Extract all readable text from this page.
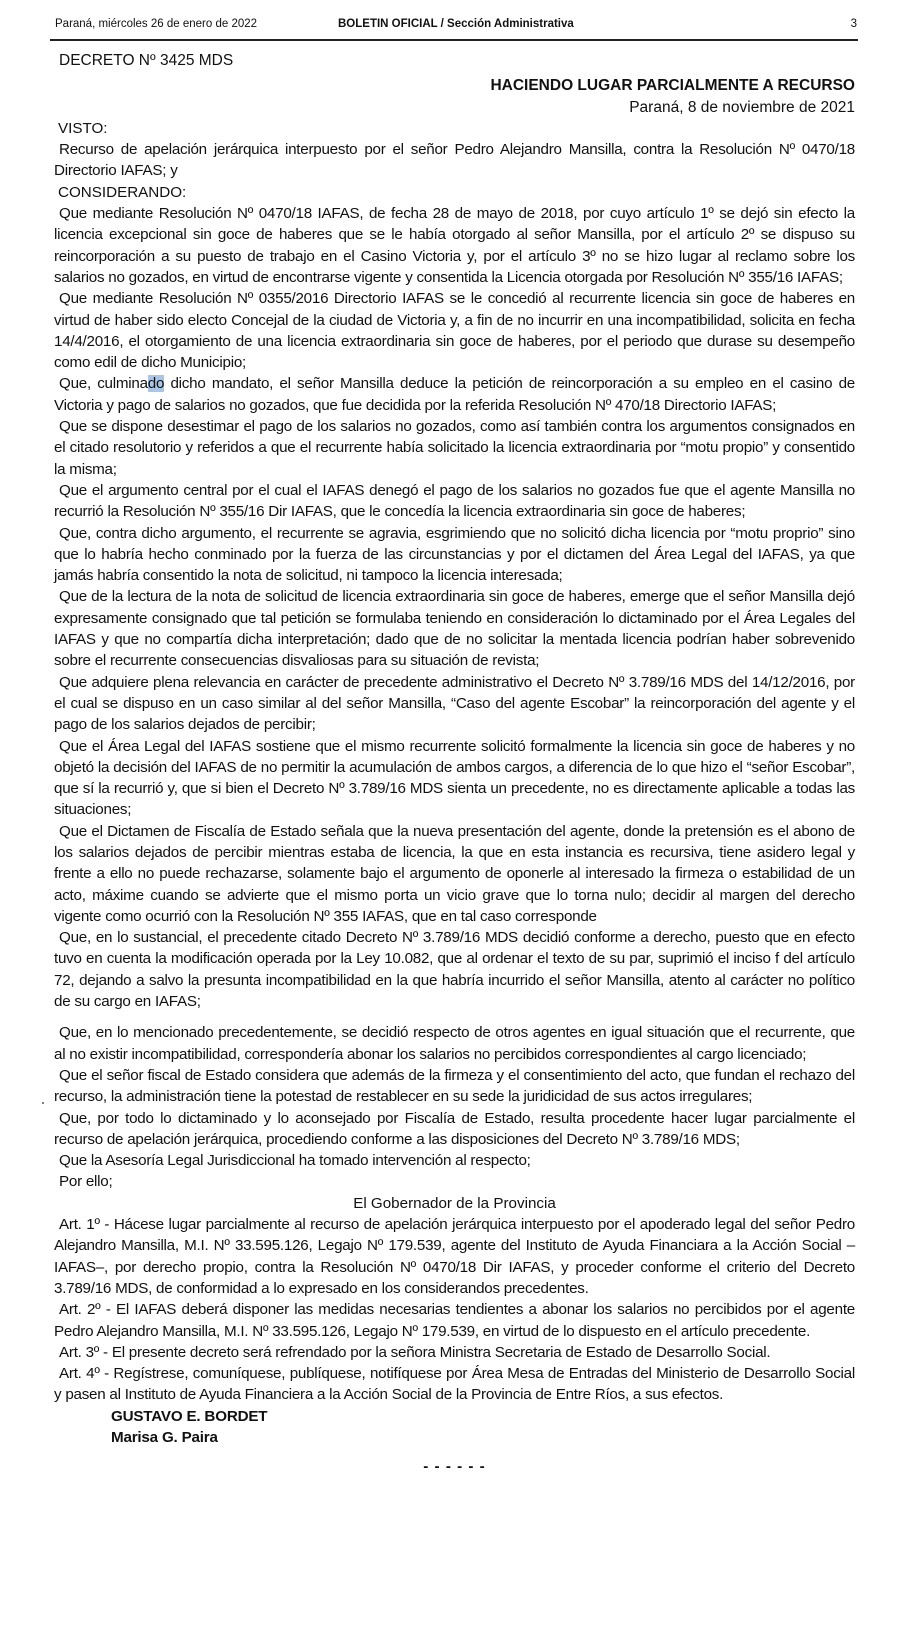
Paraná, miércoles 26 de enero de 2022	BOLETIN OFICIAL / Sección Administrativa	3
DECRETO Nº 3425 MDS
HACIENDO LUGAR PARCIALMENTE A RECURSO
Paraná, 8 de noviembre de 2021
VISTO:
Recurso de apelación jerárquica interpuesto por el señor Pedro Alejandro Mansilla, contra la Resolución Nº 0470/18 Directorio IAFAS; y
CONSIDERANDO:
Que mediante Resolución Nº 0470/18 IAFAS, de fecha 28 de mayo de 2018, por cuyo artículo 1º se dejó sin efecto la licencia excepcional sin goce de haberes que se le había otorgado al señor Mansilla, por el artículo 2º se dispuso su reincorporación a su puesto de trabajo en el Casino Victoria y, por el artículo 3º no se hizo lugar al reclamo sobre los salarios no gozados, en virtud de encontrarse vigente y consentida la Licencia otorgada por Resolución Nº 355/16 IAFAS;
Que mediante Resolución Nº 0355/2016 Directorio IAFAS se le concedió al recurrente licencia sin goce de haberes en virtud de haber sido electo Concejal de la ciudad de Victoria y, a fin de no incurrir en una incompatibilidad, solicita en fecha 14/4/2016, el otorgamiento de una licencia extraordinaria sin goce de haberes, por el periodo que durase su desempeño como edil de dicho Municipio;
Que, culminado dicho mandato, el señor Mansilla deduce la petición de reincorporación a su empleo en el casino de Victoria y pago de salarios no gozados, que fue decidida por la referida Resolución Nº 470/18 Directorio IAFAS;
Que se dispone desestimar el pago de los salarios no gozados, como así también contra los argumentos consignados en el citado resolutorio y referidos a que el recurrente había solicitado la licencia extraordinaria por “motu propio” y consentido la misma;
Que el argumento central por el cual el IAFAS denegó el pago de los salarios no gozados fue que el agente Mansilla no recurrió la Resolución Nº 355/16 Dir IAFAS, que le concedía la licencia extraordinaria sin goce de haberes;
Que, contra dicho argumento, el recurrente se agravia, esgrimiendo que no solicitó dicha licencia por “motu proprio” sino que lo habría hecho conminado por la fuerza de las circunstancias y por el dictamen del Área Legal del IAFAS, ya que jamás habría consentido la nota de solicitud, ni tampoco la licencia interesada;
Que de la lectura de la nota de solicitud de licencia extraordinaria sin goce de haberes, emerge que el señor Mansilla dejó expresamente consignado que tal petición se formulaba teniendo en consideración lo dictaminado por el Área Legales del IAFAS y que no compartía dicha interpretación; dado que de no solicitar la mentada licencia podrían haber sobrevenido sobre el recurrente consecuencias disvaliosas para su situación de revista;
Que adquiere plena relevancia en carácter de precedente administrativo el Decreto Nº 3.789/16 MDS del 14/12/2016, por el cual se dispuso en un caso similar al del señor Mansilla, “Caso del agente Escobar” la reincorporación del agente y el pago de los salarios dejados de percibir;
Que el Área Legal del IAFAS sostiene que el mismo recurrente solicitó formalmente la licencia sin goce de haberes y no objetó la decisión del IAFAS de no permitir la acumulación de ambos cargos, a diferencia de lo que hizo el “señor Escobar”, que sí la recurrió y, que si bien el Decreto Nº 3.789/16 MDS sienta un precedente, no es directamente aplicable a todas las situaciones;
Que el Dictamen de Fiscalía de Estado señala que la nueva presentación del agente, donde la pretensión es el abono de los salarios dejados de percibir mientras estaba de licencia, la que en esta instancia es recursiva, tiene asidero legal y frente a ello no puede rechazarse, solamente bajo el argumento de oponerle al interesado la firmeza o estabilidad de un acto, máxime cuando se advierte que el mismo porta un vicio grave que lo torna nulo; decidir al margen del derecho vigente como ocurrió con la Resolución Nº 355 IAFAS, que en tal caso corresponde
Que, en lo sustancial, el precedente citado Decreto Nº 3.789/16 MDS decidió conforme a derecho, puesto que en efecto tuvo en cuenta la modificación operada por la Ley 10.082, que al ordenar el texto de su par, suprimió el inciso f del artículo 72, dejando a salvo la presunta incompatibilidad en la que habría incurrido el señor Mansilla, atento al carácter no político de su cargo en IAFAS;
Que, en lo mencionado precedentemente, se decidió respecto de otros agentes en igual situación que el recurrente, que al no existir incompatibilidad, correspondería abonar los salarios no percibidos correspondientes al cargo licenciado;
Que el señor fiscal de Estado considera que además de la firmeza y el consentimiento del acto, que fundan el rechazo del recurso, la administración tiene la potestad de restablecer en su sede la juridicidad de sus actos irregulares;
Que, por todo lo dictaminado y lo aconsejado por Fiscalía de Estado, resulta procedente hacer lugar parcialmente el recurso de apelación jerárquica, procediendo conforme a las disposiciones del Decreto Nº 3.789/16 MDS;
Que la Asesoría Legal Jurisdiccional ha tomado intervención al respecto;
Por ello;
El Gobernador de la Provincia
Art. 1º - Hácese lugar parcialmente al recurso de apelación jerárquica interpuesto por el apoderado legal del señor Pedro Alejandro Mansilla, M.I. Nº 33.595.126, Legajo Nº 179.539, agente del Instituto de Ayuda Financiara a la Acción Social –IAFAS–, por derecho propio, contra la Resolución Nº 0470/18 Dir IAFAS, y proceder conforme el criterio del Decreto 3.789/16 MDS, de conformidad a lo expresado en los considerandos precedentes.
Art. 2º - El IAFAS deberá disponer las medidas necesarias tendientes a abonar los salarios no percibidos por el agente Pedro Alejandro Mansilla, M.I. Nº 33.595.126, Legajo Nº 179.539, en virtud de lo dispuesto en el artículo precedente.
Art. 3º - El presente decreto será refrendado por la señora Ministra Secretaria de Estado de Desarrollo Social.
Art. 4º - Regístrese, comuníquese, publíquese, notifíquese por Área Mesa de Entradas del Ministerio de Desarrollo Social y pasen al Instituto de Ayuda Financiera a la Acción Social de la Provincia de Entre Ríos, a sus efectos.
GUSTAVO E. BORDET
Marisa G. Paira
- - - - - -
